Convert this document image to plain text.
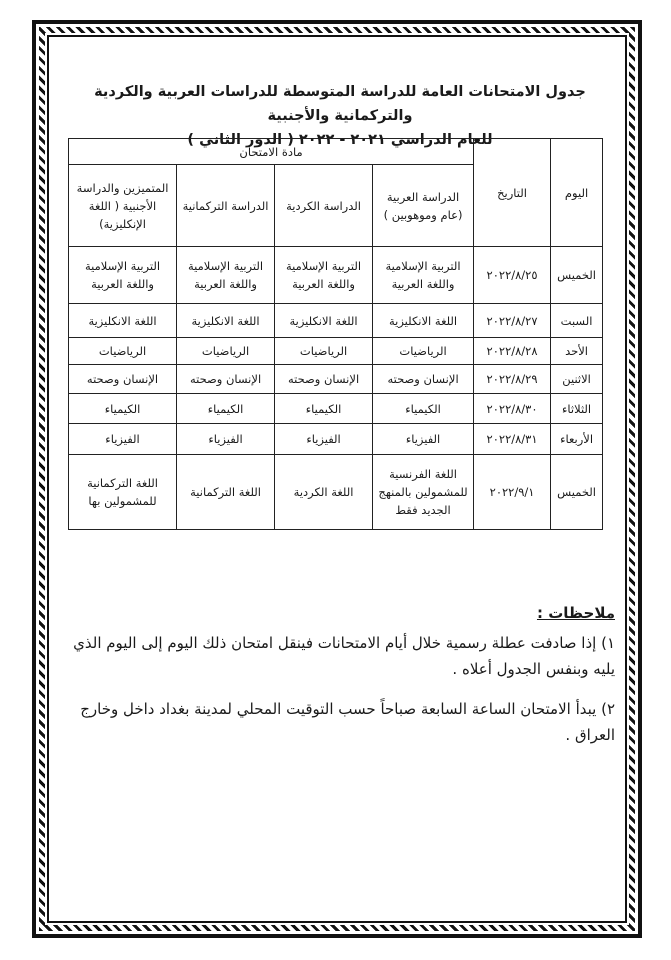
جدول الامتحانات العامة للدراسة المتوسطة للدراسات العربية والكردية والتركمانية والأجنبية
للعام الدراسي ٢٠٢١ - ٢٠٢٢ ( الدور الثاني )
اليوم	التاريخ	مادة الامتحان			
		الدراسة العربية (عام وموهوبين )	الدراسة الكردية	الدراسة التركمانية	المتميزين والدراسة الأجنبية ( اللغة الإنكليزية)
الخميس	٢٠٢٢/٨/٢٥	التربية الإسلامية واللغة العربية	التربية الإسلامية واللغة العربية	التربية الإسلامية واللغة العربية	التربية الإسلامية واللغة العربية
السبت	٢٠٢٢/٨/٢٧	اللغة الانكليزية	اللغة الانكليزية	اللغة الانكليزية	اللغة الانكليزية
الأحد	٢٠٢٢/٨/٢٨	الرياضيات	الرياضيات	الرياضيات	الرياضيات
الاثنين	٢٠٢٢/٨/٢٩	الإنسان وصحته	الإنسان وصحته	الإنسان وصحته	الإنسان وصحته
الثلاثاء	٢٠٢٢/٨/٣٠	الكيمياء	الكيمياء	الكيمياء	الكيمياء
الأربعاء	٢٠٢٢/٨/٣١	الفيزياء	الفيزياء	الفيزياء	الفيزياء
الخميس	٢٠٢٢/٩/١	اللغة الفرنسية للمشمولين بالمنهج الجديد فقط	اللغة الكردية	اللغة التركمانية	اللغة التركمانية للمشمولين بها
ملاحظات :
١) إذا صادفت عطلة رسمية خلال أيام الامتحانات فينقل امتحان ذلك اليوم إلى اليوم الذي يليه وبنفس الجدول أعلاه .
٢) يبدأ الامتحان الساعة السابعة صباحاً حسب التوقيت المحلي لمدينة بغداد داخل وخارج العراق .
